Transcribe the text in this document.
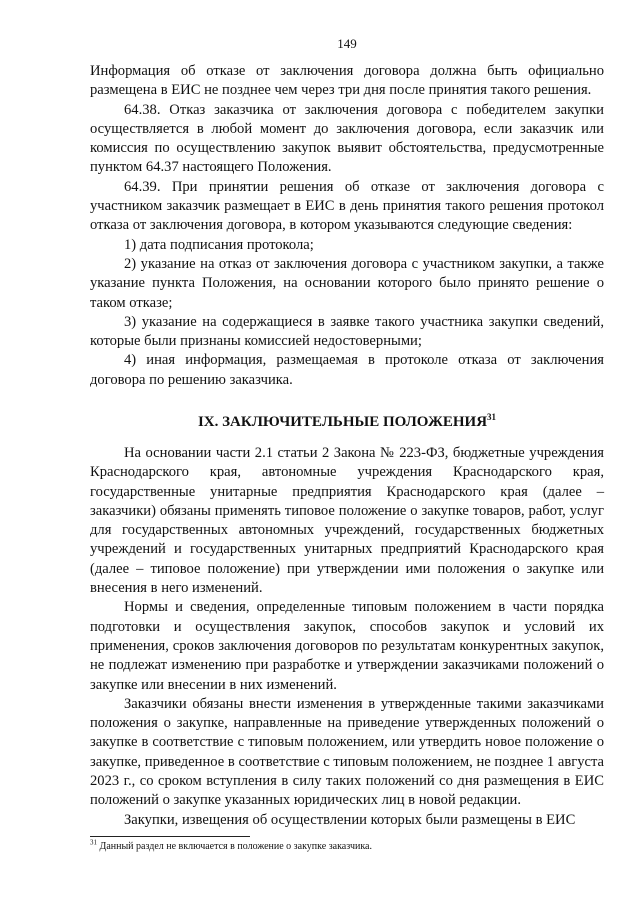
149

Информация об отказе от заключения договора должна быть официально размещена в ЕИС не позднее чем через три дня после принятия такого решения.

64.38. Отказ заказчика от заключения договора с победителем закупки осуществляется в любой момент до заключения договора, если заказчик или комиссия по осуществлению закупок выявит обстоятельства, предусмотренные пунктом 64.37 настоящего Положения.

64.39. При принятии решения об отказе от заключения договора с участником заказчик размещает в ЕИС в день принятия такого решения протокол отказа от заключения договора, в котором указываются следующие сведения:

1) дата подписания протокола;

2) указание на отказ от заключения договора с участником закупки, а также указание пункта Положения, на основании которого было принято решение о таком отказе;

3) указание на содержащиеся в заявке такого участника закупки сведений, которые были признаны комиссией недостоверными;

4) иная информация, размещаемая в протоколе отказа от заключения договора по решению заказчика.

IX. ЗАКЛЮЧИТЕЛЬНЫЕ ПОЛОЖЕНИЯ$^{31}$

На основании части 2.1 статьи 2 Закона № 223-ФЗ, бюджетные учреждения Краснодарского края, автономные учреждения Краснодарского края, государственные унитарные предприятия Краснодарского края (далее – заказчики) обязаны применять типовое положение о закупке товаров, работ, услуг для государственных автономных учреждений, государственных бюджетных учреждений и государственных унитарных предприятий Краснодарского края (далее – типовое положение) при утверждении ими положения о закупке или внесения в него изменений.

Нормы и сведения, определенные типовым положением в части порядка подготовки и осуществления закупок, способов закупок и условий их применения, сроков заключения договоров по результатам конкурентных закупок, не подлежат изменению при разработке и утверждении заказчиками положений о закупке или внесении в них изменений.

Заказчики обязаны внести изменения в утвержденные такими заказчиками положения о закупке, направленные на приведение утвержденных положений о закупке в соответствие с типовым положением, или утвердить новое положение о закупке, приведенное в соответствие с типовым положением, не позднее 1 августа 2023 г., со сроком вступления в силу таких положений со дня размещения в ЕИС положений о закупке указанных юридических лиц в новой редакции.

Закупки, извещения об осуществлении которых были размещены в ЕИС

$^{31}$ Данный раздел не включается в положение о закупке заказчика.
